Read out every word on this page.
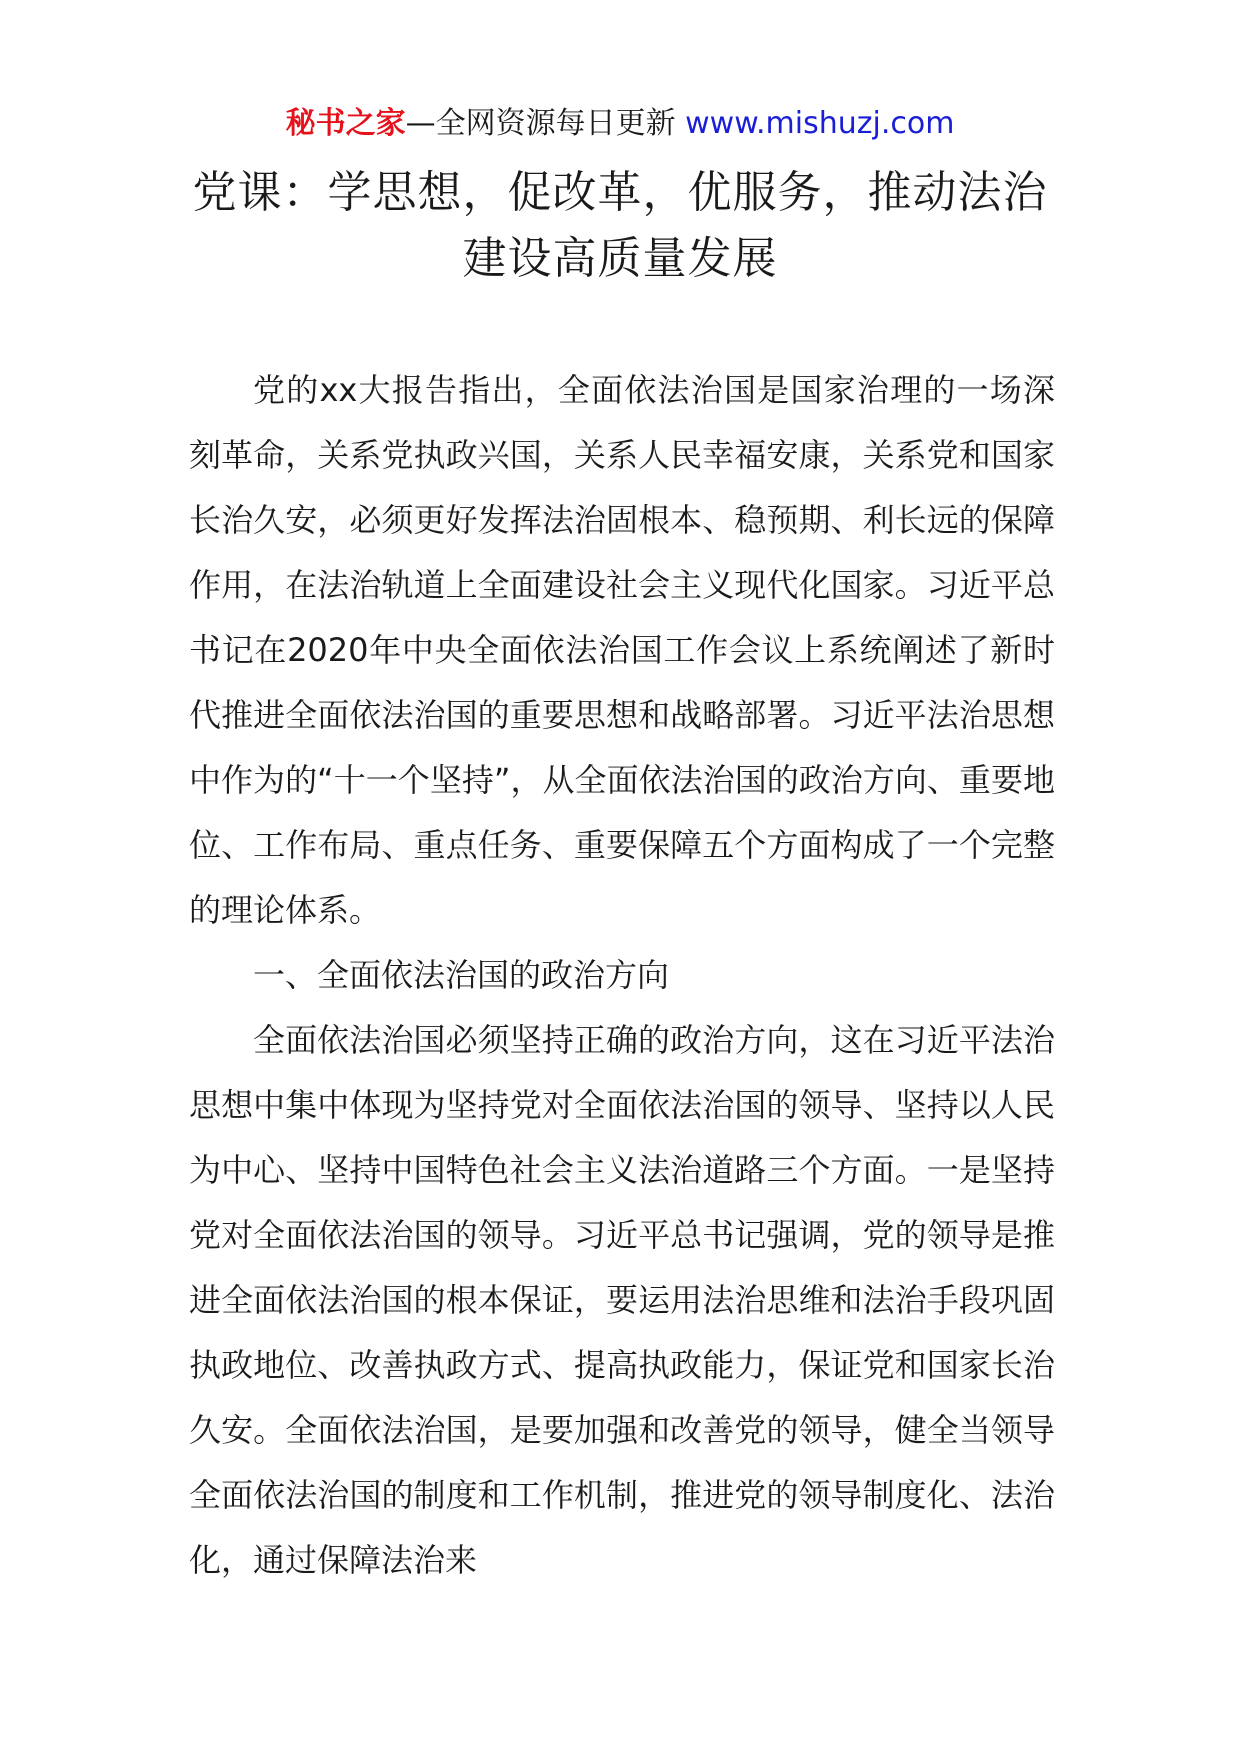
秘书之家—全网资源每日更新 www.mishuzj.com
党课：学思想，促改革，优服务，推动法治建设高质量发展

党的xx大报告指出，全面依法治国是国家治理的一场深刻革命，关系党执政兴国，关系人民幸福安康，关系党和国家长治久安，必须更好发挥法治固根本、稳预期、利长远的保障作用，在法治轨道上全面建设社会主义现代化国家。习近平总书记在2020年中央全面依法治国工作会议上系统阐述了新时代推进全面依法治国的重要思想和战略部署。习近平法治思想中作为的“十一个坚持”，从全面依法治国的政治方向、重要地位、工作布局、重点任务、重要保障五个方面构成了一个完整的理论体系。

一、全面依法治国的政治方向

全面依法治国必须坚持正确的政治方向，这在习近平法治思想中集中体现为坚持党对全面依法治国的领导、坚持以人民为中心、坚持中国特色社会主义法治道路三个方面。一是坚持党对全面依法治国的领导。习近平总书记强调，党的领导是推进全面依法治国的根本保证，要运用法治思维和法治手段巩固执政地位、改善执政方式、提高执政能力，保证党和国家长治久安。全面依法治国，是要加强和改善党的领导，健全当领导全面依法治国的制度和工作机制，推进党的领导制度化、法治化，通过保障法治来
